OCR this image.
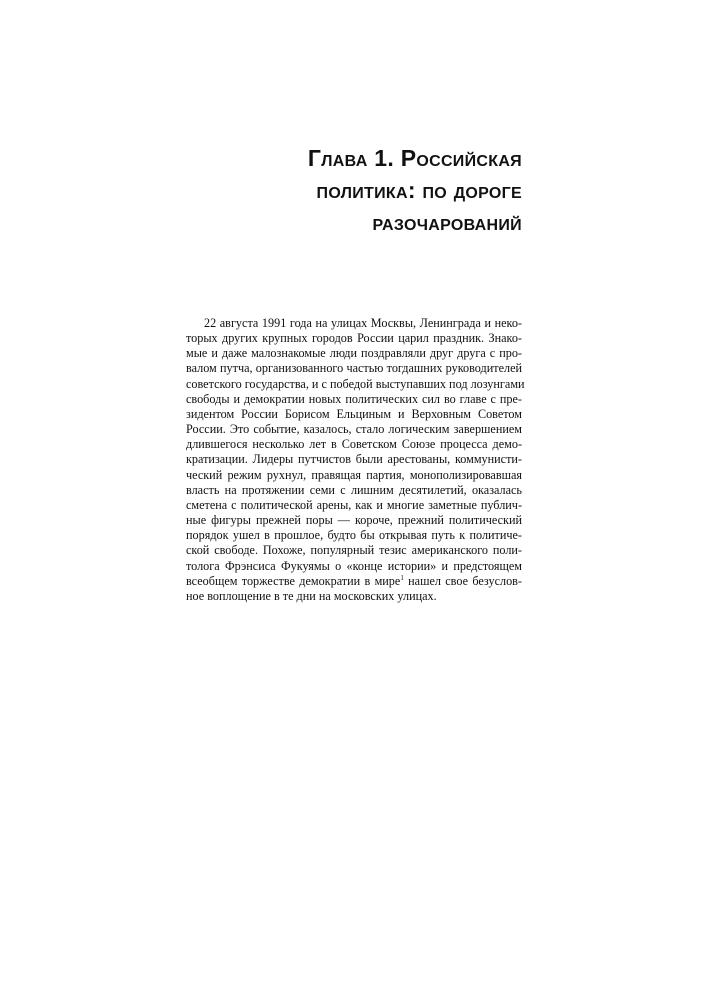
Глава 1. Российская
политика: по дороге
разочарований

22 августа 1991 года на улицах Москвы, Ленинграда и неко-
торых других крупных городов России царил праздник. Знако-
мые и даже малознакомые люди поздравляли друг друга с про-
валом путча, организованного частью тогдашних руководителей
советского государства, и с победой выступавших под лозунгами
свободы и демократии новых политических сил во главе с пре-
зидентом России Борисом Ельциным и Верховным Советом
России. Это событие, казалось, стало логическим завершением
длившегося несколько лет в Советском Союзе процесса демо-
кратизации. Лидеры путчистов были арестованы, коммунисти-
ческий режим рухнул, правящая партия, монополизировавшая
власть на протяжении семи с лишним десятилетий, оказалась
сметена с политической арены, как и многие заметные публич-
ные фигуры прежней поры — короче, прежний политический
порядок ушел в прошлое, будто бы открывая путь к политиче-
ской свободе. Похоже, популярный тезис американского поли-
толога Фрэнсиса Фукуямы о «конце истории» и предстоящем
всеобщем торжестве демократии в мире$^1$ нашел свое безуслов-
ное воплощение в те дни на московских улицах.
